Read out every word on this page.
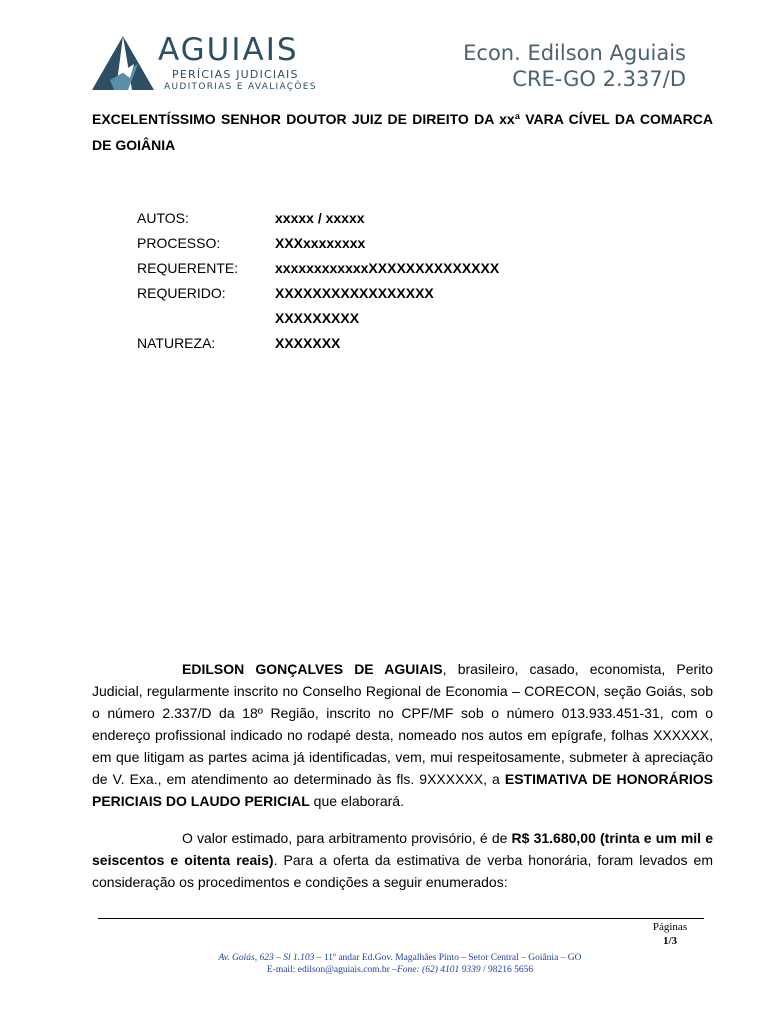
AGUIAIS
PERÍCIAS JUDICIAIS
AUDITORIAS E AVALIAÇÕES
Econ. Edilson Aguiais
CRE-GO 2.337/D
EXCELENTÍSSIMO SENHOR DOUTOR JUIZ DE DIREITO DA xxª VARA CÍVEL DA COMARCA DE GOIÂNIA
AUTOS:	xxxxx / xxxxx
PROCESSO:	XXXxxxxxxxx
REQUERENTE:	xxxxxxxxxxxxXXXXXXXXXXXXXX
REQUERIDO:	XXXXXXXXXXXXXXXXX
XXXXXXXXX
NATUREZA:	XXXXXXX
EDILSON GONÇALVES DE AGUIAIS, brasileiro, casado, economista, Perito Judicial, regularmente inscrito no Conselho Regional de Economia – CORECON, seção Goiás, sob o número 2.337/D da 18º Região, inscrito no CPF/MF sob o número 013.933.451-31, com o endereço profissional indicado no rodapé desta, nomeado nos autos em epígrafe, folhas XXXXXX, em que litigam as partes acima já identificadas, vem, mui respeitosamente, submeter à apreciação de V. Exa., em atendimento ao determinado às fls. 9XXXXXX, a ESTIMATIVA DE HONORÁRIOS PERICIAIS DO LAUDO PERICIAL que elaborará.
O valor estimado, para arbitramento provisório, é de R$ 31.680,00 (trinta e um mil e seiscentos e oitenta reais). Para a oferta da estimativa de verba honorária, foram levados em consideração os procedimentos e condições a seguir enumerados:
Páginas
1/3
Av. Goiás, 623 – Sl 1.103 – 11º andar Ed.Gov. Magalhães Pinto – Setor Central – Goiânia – GO
E-mail: edilson@aguiais.com.br –Fone: (62) 4101 9339 / 98216 5656
